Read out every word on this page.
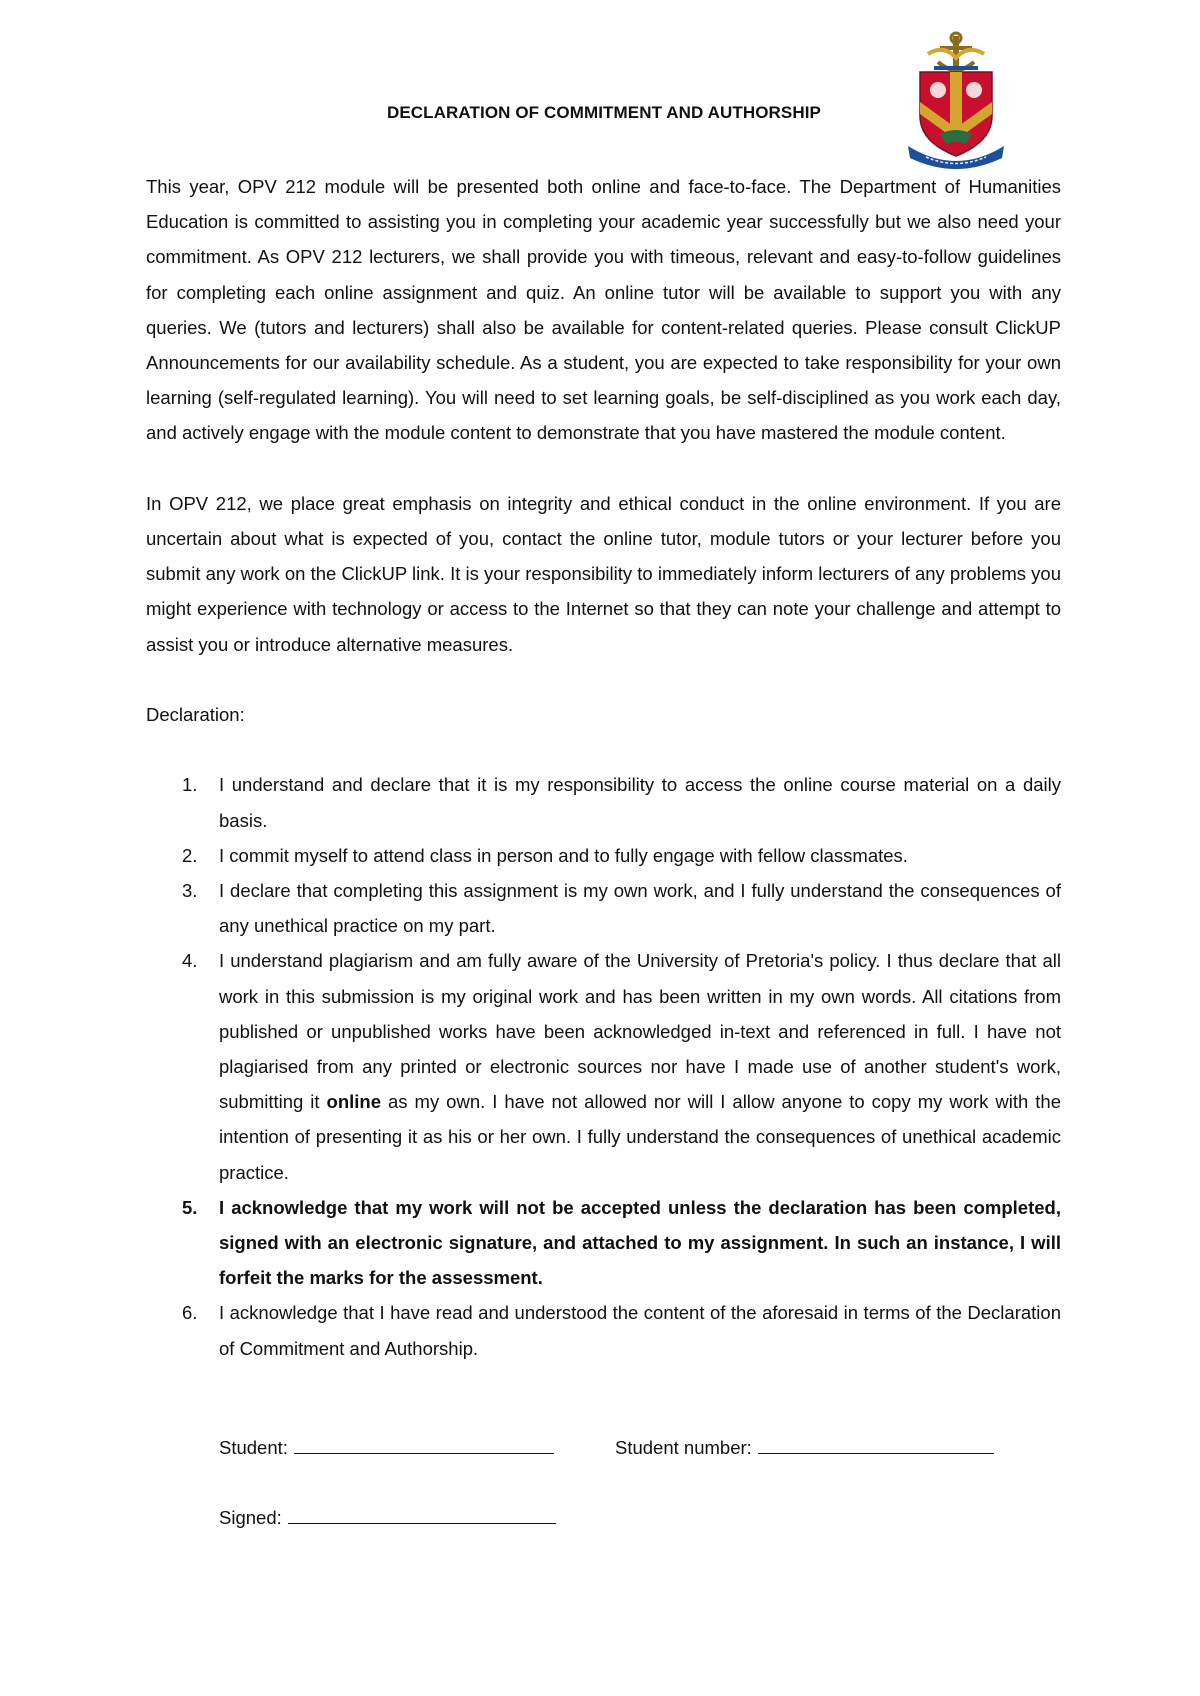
DECLARATION OF COMMITMENT AND AUTHORSHIP

This year, OPV 212 module will be presented both online and face-to-face. The Department of Humanities Education is committed to assisting you in completing your academic year successfully but we also need your commitment. As OPV 212 lecturers, we shall provide you with timeous, relevant and easy-to-follow guidelines for completing each online assignment and quiz. An online tutor will be available to support you with any queries. We (tutors and lecturers) shall also be available for content-related queries. Please consult ClickUP Announcements for our availability schedule. As a student, you are expected to take responsibility for your own learning (self-regulated learning). You will need to set learning goals, be self-disciplined as you work each day, and actively engage with the module content to demonstrate that you have mastered the module content.

In OPV 212, we place great emphasis on integrity and ethical conduct in the online environment. If you are uncertain about what is expected of you, contact the online tutor, module tutors or your lecturer before you submit any work on the ClickUP link. It is your responsibility to immediately inform lecturers of any problems you might experience with technology or access to the Internet so that they can note your challenge and attempt to assist you or introduce alternative measures.

Declaration:

1. I understand and declare that it is my responsibility to access the online course material on a daily basis.
2. I commit myself to attend class in person and to fully engage with fellow classmates.
3. I declare that completing this assignment is my own work, and I fully understand the consequences of any unethical practice on my part.
4. I understand plagiarism and am fully aware of the University of Pretoria's policy. I thus declare that all work in this submission is my original work and has been written in my own words. All citations from published or unpublished works have been acknowledged in-text and referenced in full. I have not plagiarised from any printed or electronic sources nor have I made use of another student's work, submitting it online as my own. I have not allowed nor will I allow anyone to copy my work with the intention of presenting it as his or her own. I fully understand the consequences of unethical academic practice.
5. I acknowledge that my work will not be accepted unless the declaration has been completed, signed with an electronic signature, and attached to my assignment. In such an instance, I will forfeit the marks for the assessment.
6. I acknowledge that I have read and understood the content of the aforesaid in terms of the Declaration of Commitment and Authorship.
Student:	Student number:
Signed:
